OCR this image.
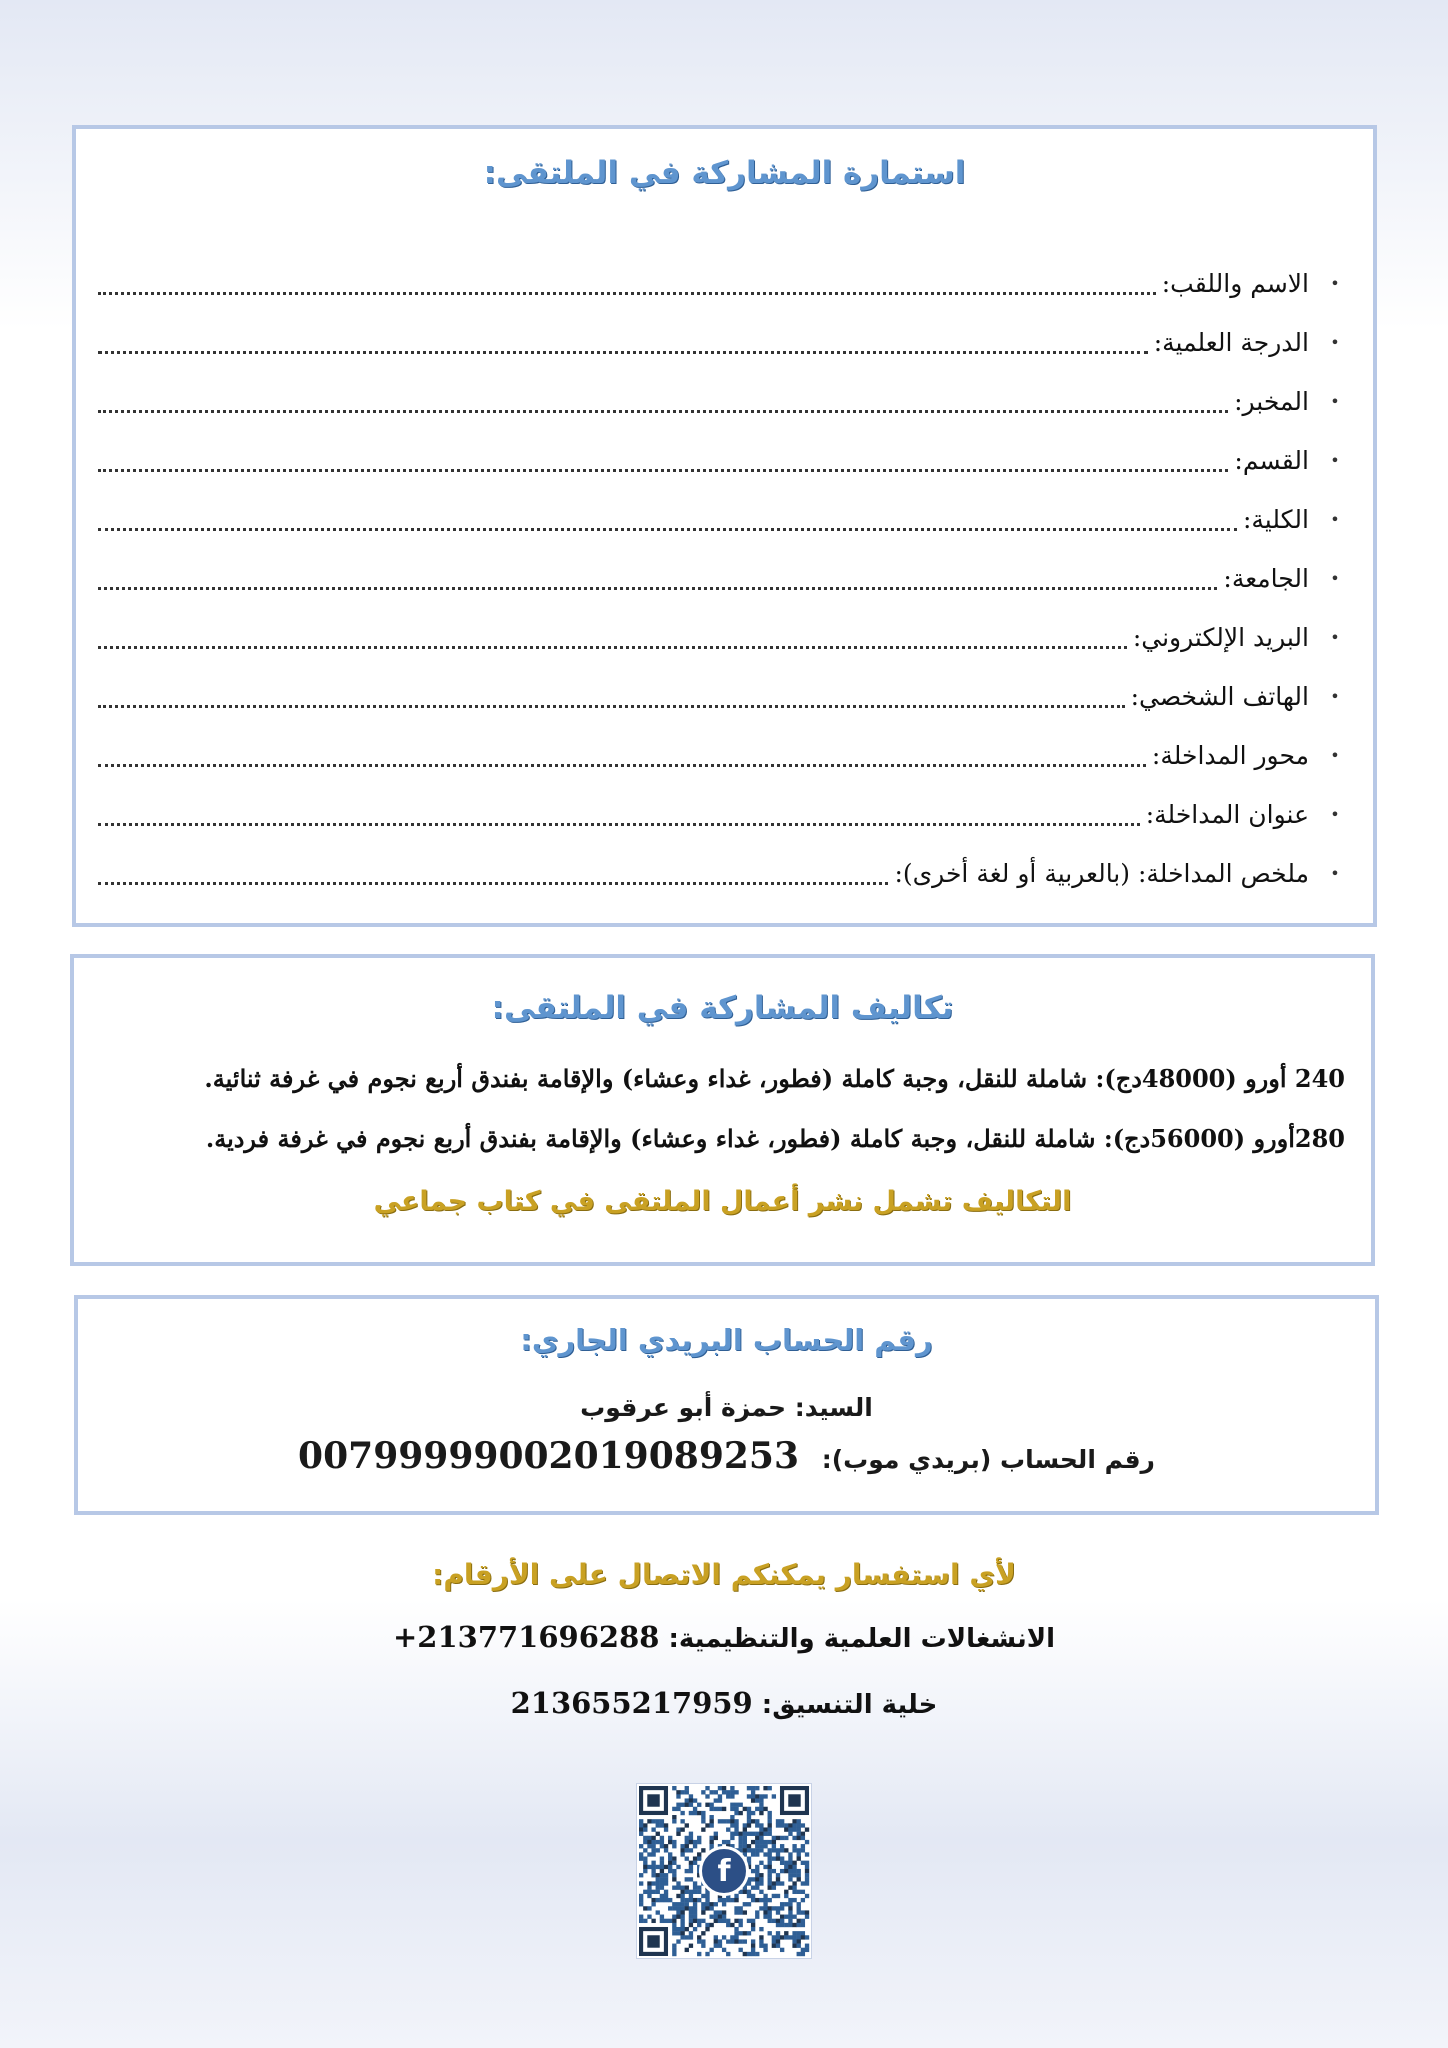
استمارة المشاركة في الملتقى:
•
الاسم واللقب:
•
الدرجة العلمية:
•
المخبر:
•
القسم:
•
الكلية:
•
الجامعة:
•
البريد الإلكتروني:
•
الهاتف الشخصي:
•
محور المداخلة:
•
عنوان المداخلة:
•
ملخص المداخلة: (بالعربية أو لغة أخرى):
تكاليف المشاركة في الملتقى:
240 أورو (48000دج): شاملة للنقل، وجبة كاملة (فطور، غداء وعشاء) والإقامة بفندق أربع نجوم في غرفة ثنائية.
280أورو (56000دج): شاملة للنقل، وجبة كاملة (فطور، غداء وعشاء) والإقامة بفندق أربع نجوم في غرفة فردية.
التكاليف تشمل نشر أعمال الملتقى في كتاب جماعي
رقم الحساب البريدي الجاري:
السيد: حمزة أبو عرقوب
رقم الحساب (بريدي موب): 00799999002019089253
لأي استفسار يمكنكم الاتصال على الأرقام:
الانشغالات العلمية والتنظيمية: +213771696288
خلية التنسيق: 213655217959
f
